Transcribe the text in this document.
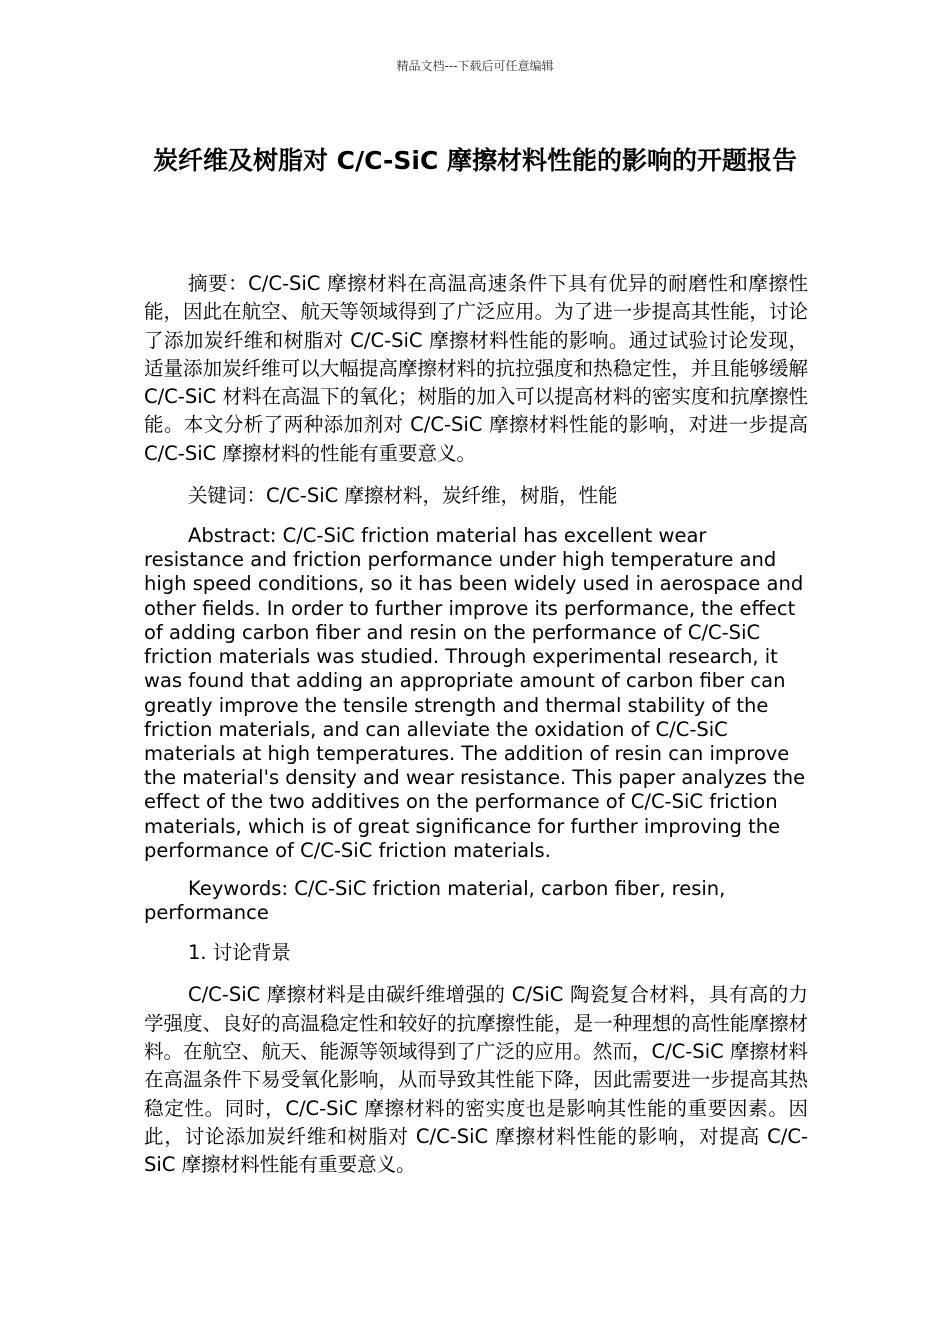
精品文档---下载后可任意编辑
炭纤维及树脂对 C/C-SiC 摩擦材料性能的影响的开题报告

摘要：C/C-SiC 摩擦材料在高温高速条件下具有优异的耐磨性和摩擦性能，因此在航空、航天等领域得到了广泛应用。为了进一步提高其性能，讨论了添加炭纤维和树脂对 C/C-SiC 摩擦材料性能的影响。通过试验讨论发现，适量添加炭纤维可以大幅提高摩擦材料的抗拉强度和热稳定性，并且能够缓解 C/C-SiC 材料在高温下的氧化；树脂的加入可以提高材料的密实度和抗摩擦性能。本文分析了两种添加剂对 C/C-SiC 摩擦材料性能的影响，对进一步提高 C/C-SiC 摩擦材料的性能有重要意义。

关键词：C/C-SiC 摩擦材料，炭纤维，树脂，性能

Abstract: C/C-SiC friction material has excellent wear resistance and friction performance under high temperature and high speed conditions, so it has been widely used in aerospace and other fields. In order to further improve its performance, the effect of adding carbon fiber and resin on the performance of C/C-SiC friction materials was studied. Through experimental research, it was found that adding an appropriate amount of carbon fiber can greatly improve the tensile strength and thermal stability of the friction materials, and can alleviate the oxidation of C/C-SiC materials at high temperatures. The addition of resin can improve the material's density and wear resistance. This paper analyzes the effect of the two additives on the performance of C/C-SiC friction materials, which is of great significance for further improving the performance of C/C-SiC friction materials.

Keywords: C/C-SiC friction material, carbon fiber, resin, performance

1. 讨论背景

C/C-SiC 摩擦材料是由碳纤维增强的 C/SiC 陶瓷复合材料，具有高的力学强度、良好的高温稳定性和较好的抗摩擦性能，是一种理想的高性能摩擦材料。在航空、航天、能源等领域得到了广泛的应用。然而，C/C-SiC 摩擦材料在高温条件下易受氧化影响，从而导致其性能下降，因此需要进一步提高其热稳定性。同时，C/C-SiC 摩擦材料的密实度也是影响其性能的重要因素。因此，讨论添加炭纤维和树脂对 C/C-SiC 摩擦材料性能的影响，对提高 C/C-SiC 摩擦材料性能有重要意义。
